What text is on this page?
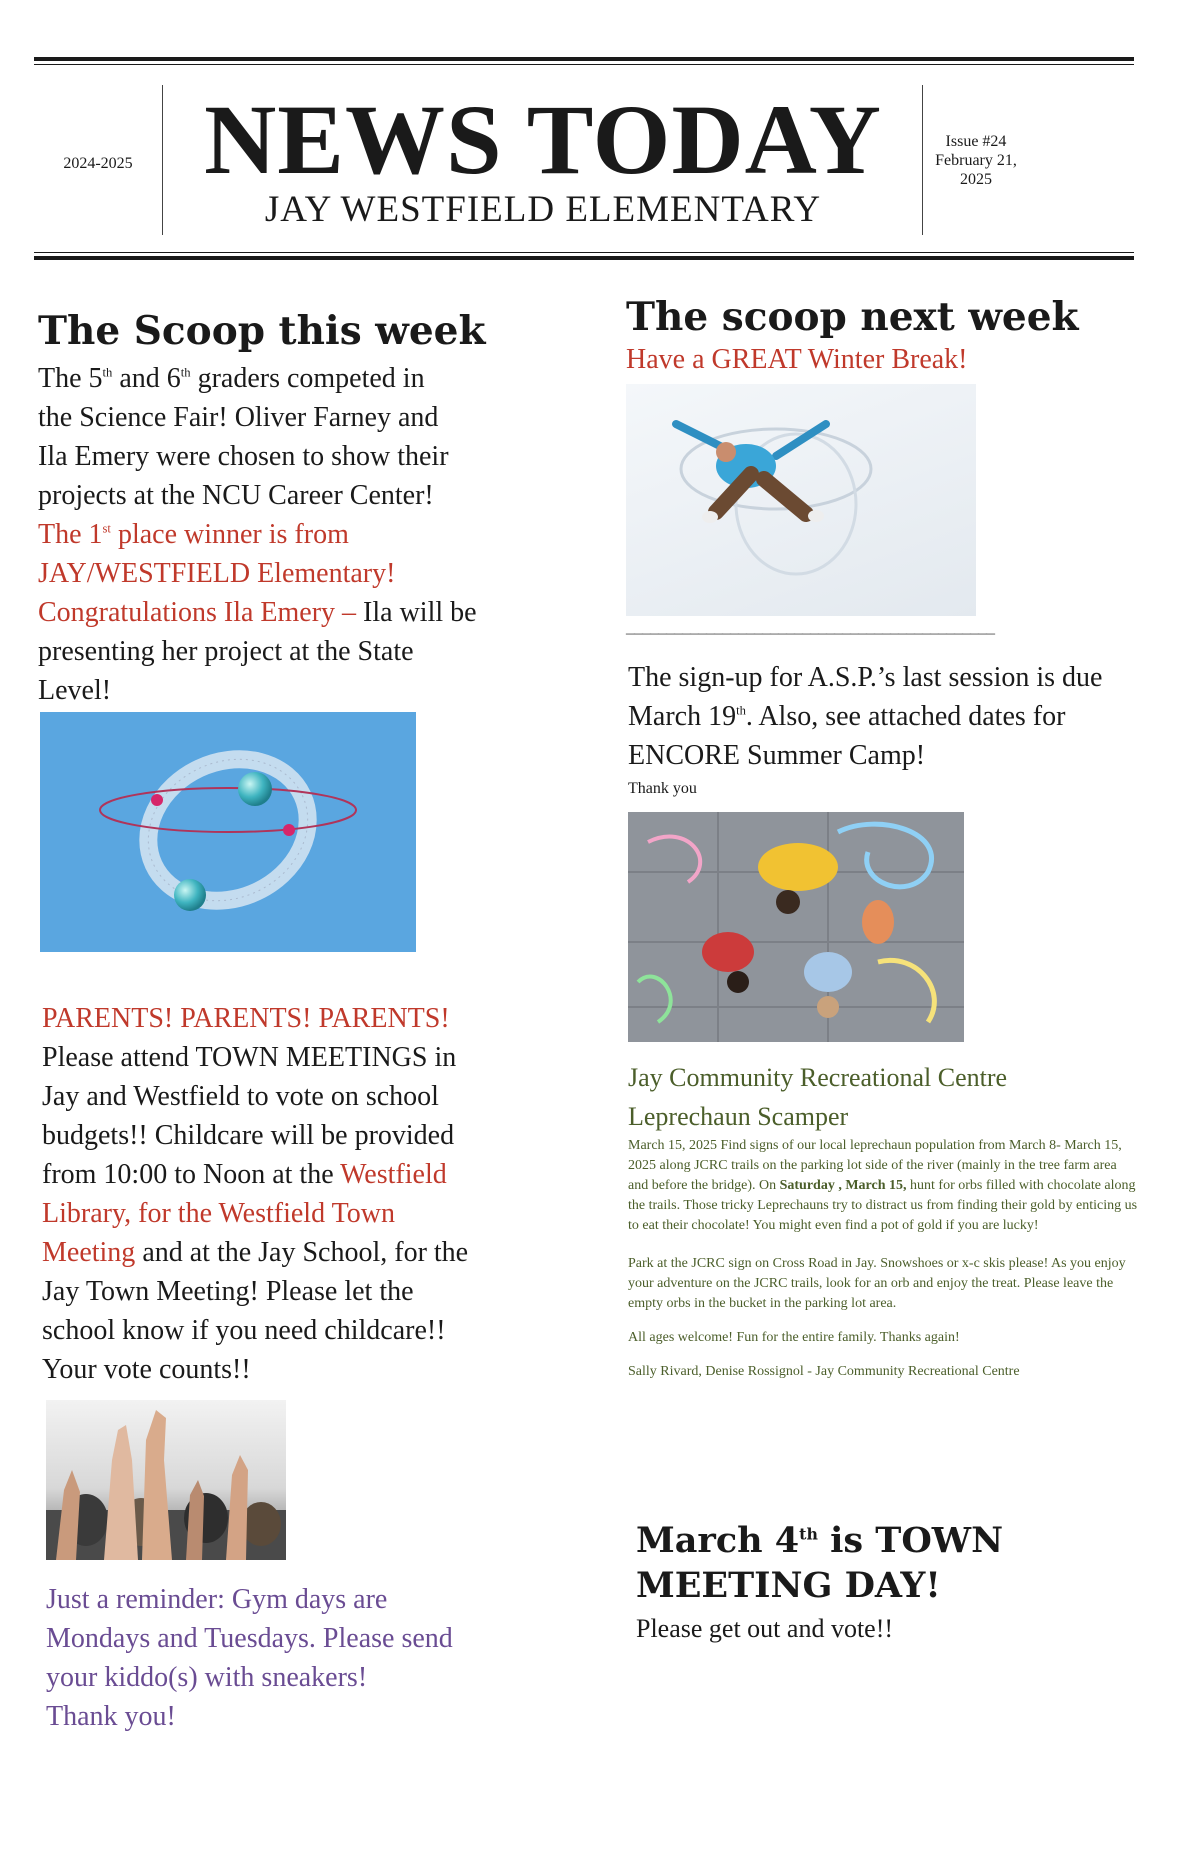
2024-2025 NEWS TODAY
JAY WESTFIELD ELEMENTARY
Issue #24
February 21,
2025
The Scoop this week

The 5th and 6th graders competed in

the Science Fair! Oliver Farney and

Ila Emery were chosen to show their

projects at the NCU Career Center!

The 1st place winner is from

JAY/WESTFIELD Elementary!

Congratulations Ila Emery – Ila will be

presenting her project at the State

Level!

PARENTS! PARENTS! PARENTS!

Please attend TOWN MEETINGS in

Jay and Westfield to vote on school

budgets!! Childcare will be provided

from 10:00 to Noon at the Westfield

Library, for the Westfield Town

Meeting and at the Jay School, for the

Jay Town Meeting! Please let the

school know if you need childcare!!

Your vote counts!!

Just a reminder: Gym days are

Mondays and Tuesdays. Please send

your kiddo(s) with sneakers!

Thank you!

The scoop next week

Have a GREAT Winter Break!

______________________________________________

The sign-up for A.S.P.’s last session is due

March 19th. Also, see attached dates for

ENCORE Summer Camp!

Thank you

Jay Community Recreational Centre

Leprechaun Scamper

March 15, 2025 Find signs of our local leprechaun population from March 8- March 15, 2025 along JCRC trails on the parking lot side of the river (mainly in the tree farm area and before the bridge). On Saturday , March 15, hunt for orbs filled with chocolate along the trails. Those tricky Leprechauns try to distract us from finding their gold by enticing us to eat their chocolate! You might even find a pot of gold if you are lucky!

Park at the JCRC sign on Cross Road in Jay. Snowshoes or x-c skis please! As you enjoy your adventure on the JCRC trails, look for an orb and enjoy the treat. Please leave the empty orbs in the bucket in the parking lot area.

All ages welcome! Fun for the entire family. Thanks again!

Sally Rivard, Denise Rossignol - Jay Community Recreational Centre

March 4th is TOWN

MEETING DAY!

Please get out and vote!!
